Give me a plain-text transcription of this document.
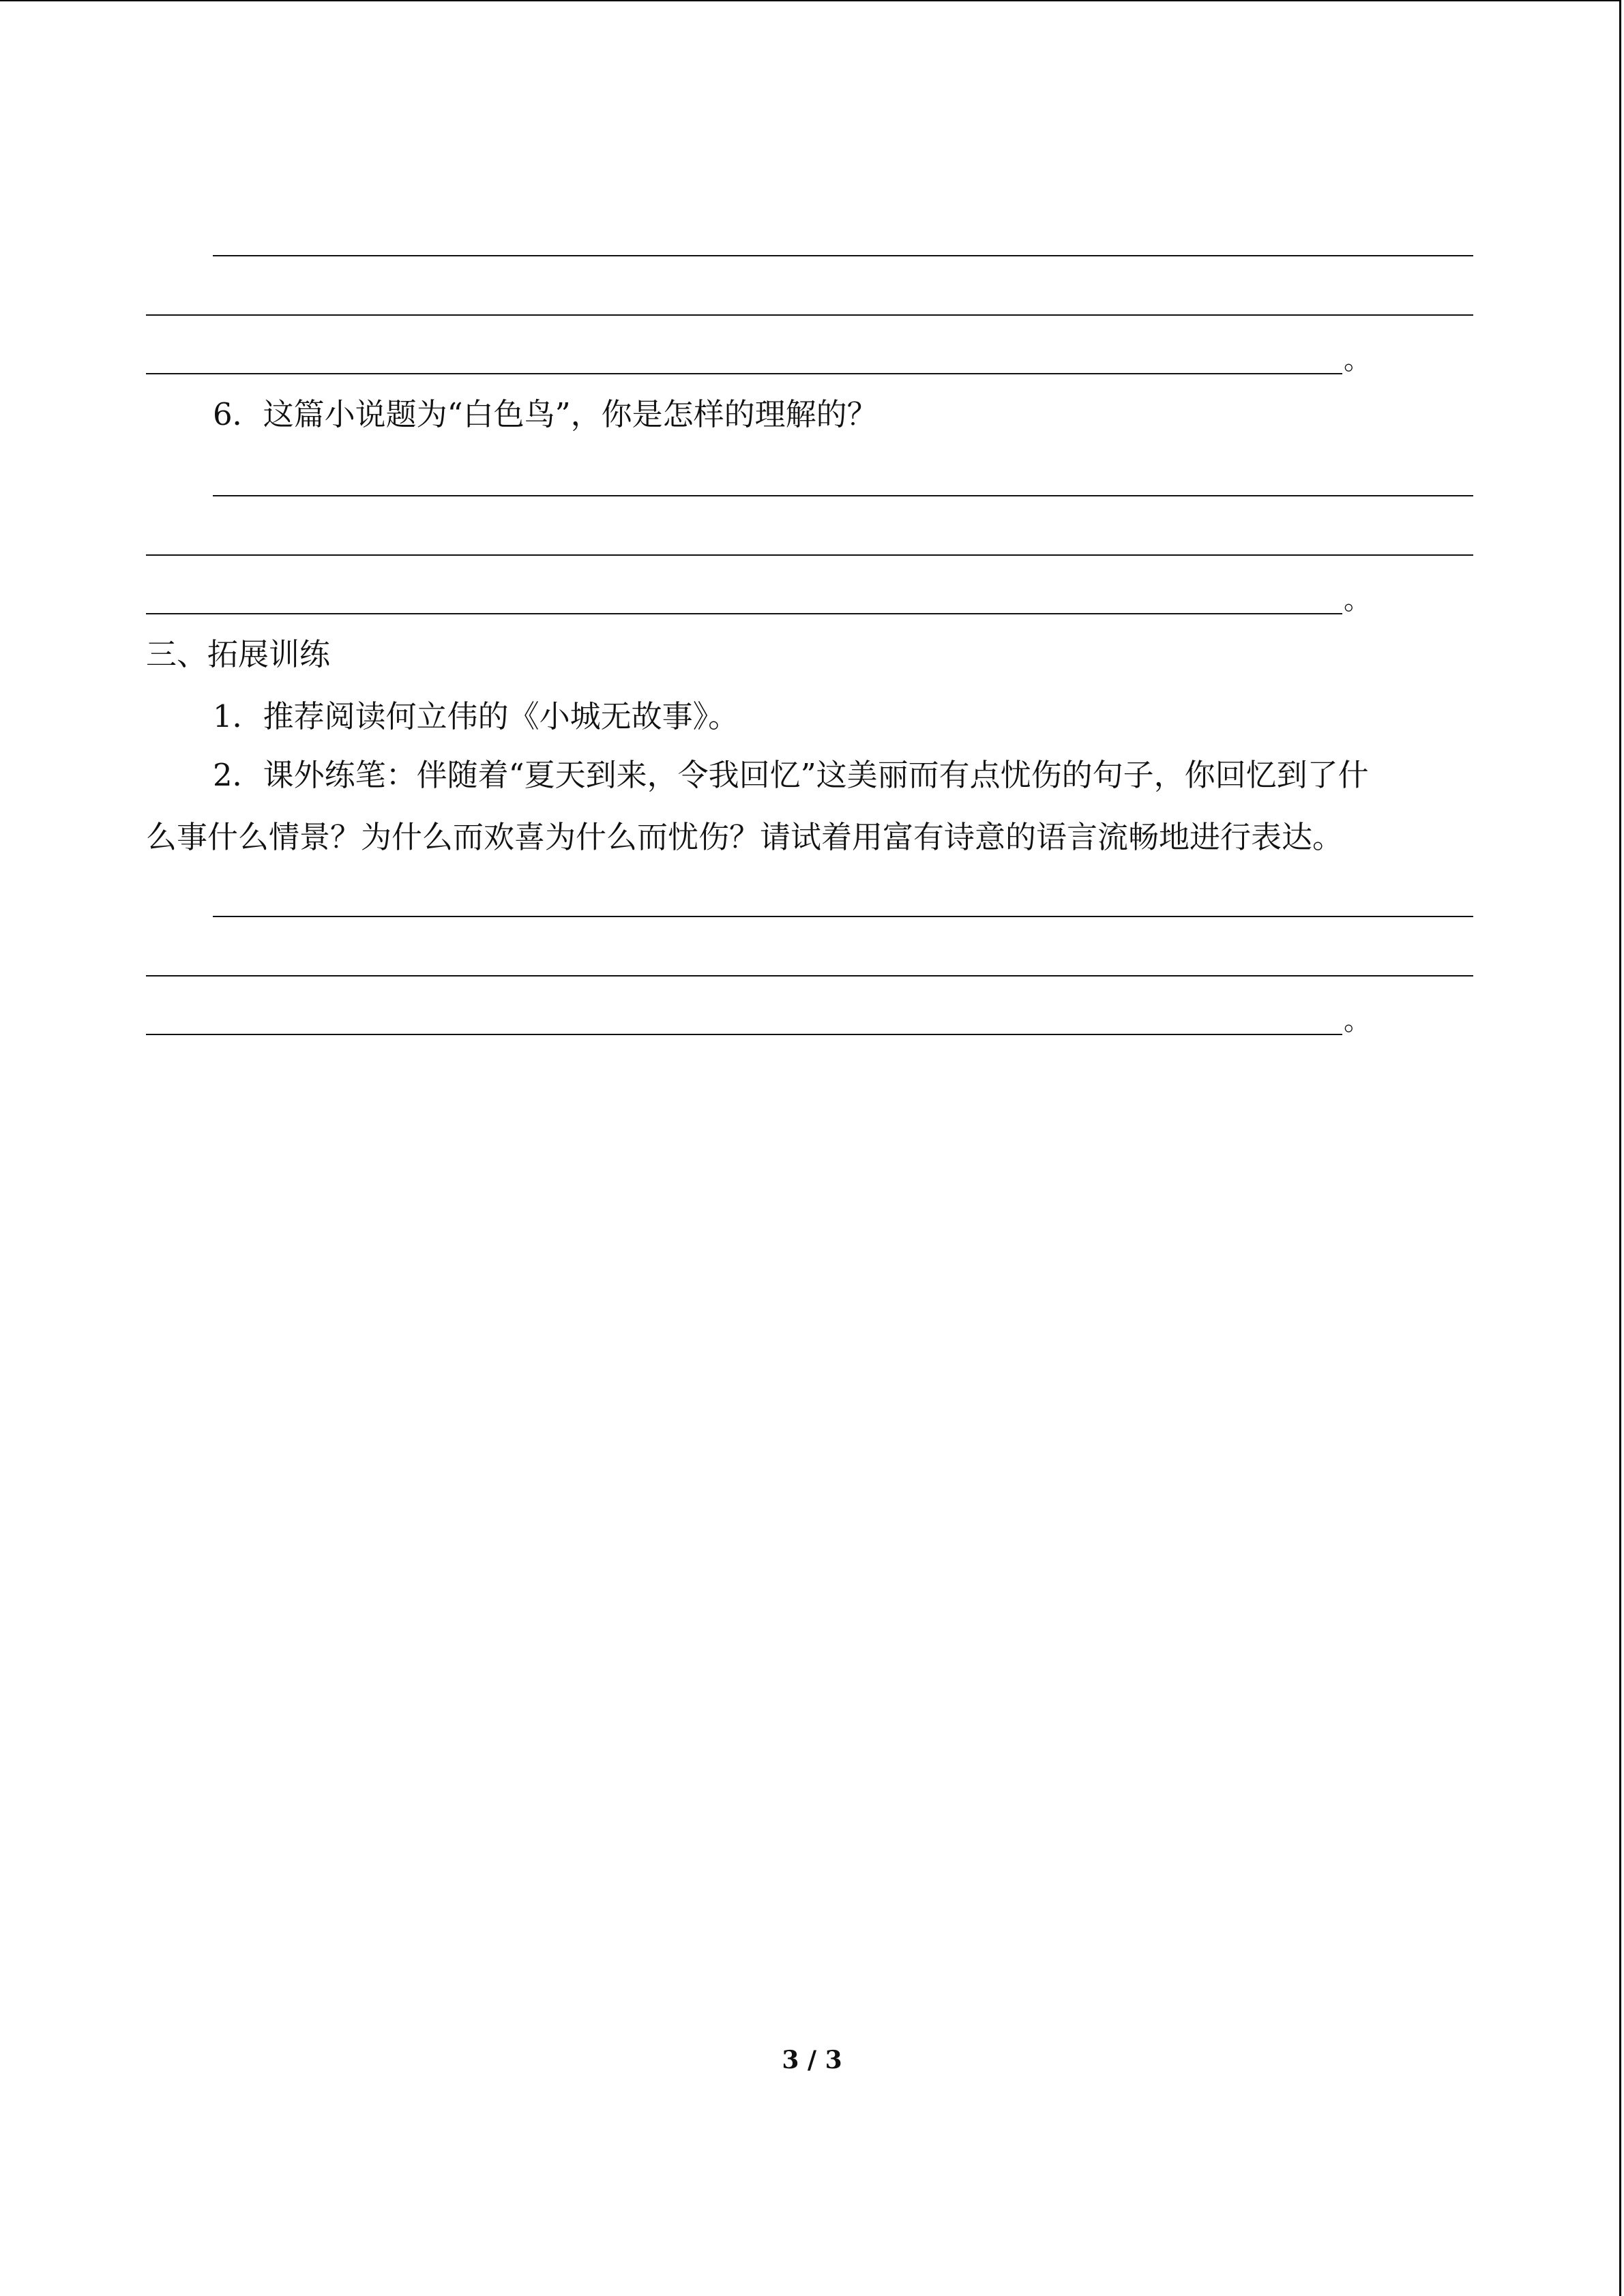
。
6．这篇小说题为“白色鸟”，你是怎样的理解的？
。
三、拓展训练
1．推荐阅读何立伟的《小城无故事》。
2．课外练笔：伴随着“夏天到来，令我回忆”这美丽而有点忧伤的句子，你回忆到了什
么事什么情景？为什么而欢喜为什么而忧伤？请试着用富有诗意的语言流畅地进行表达。
。
3 / 3
